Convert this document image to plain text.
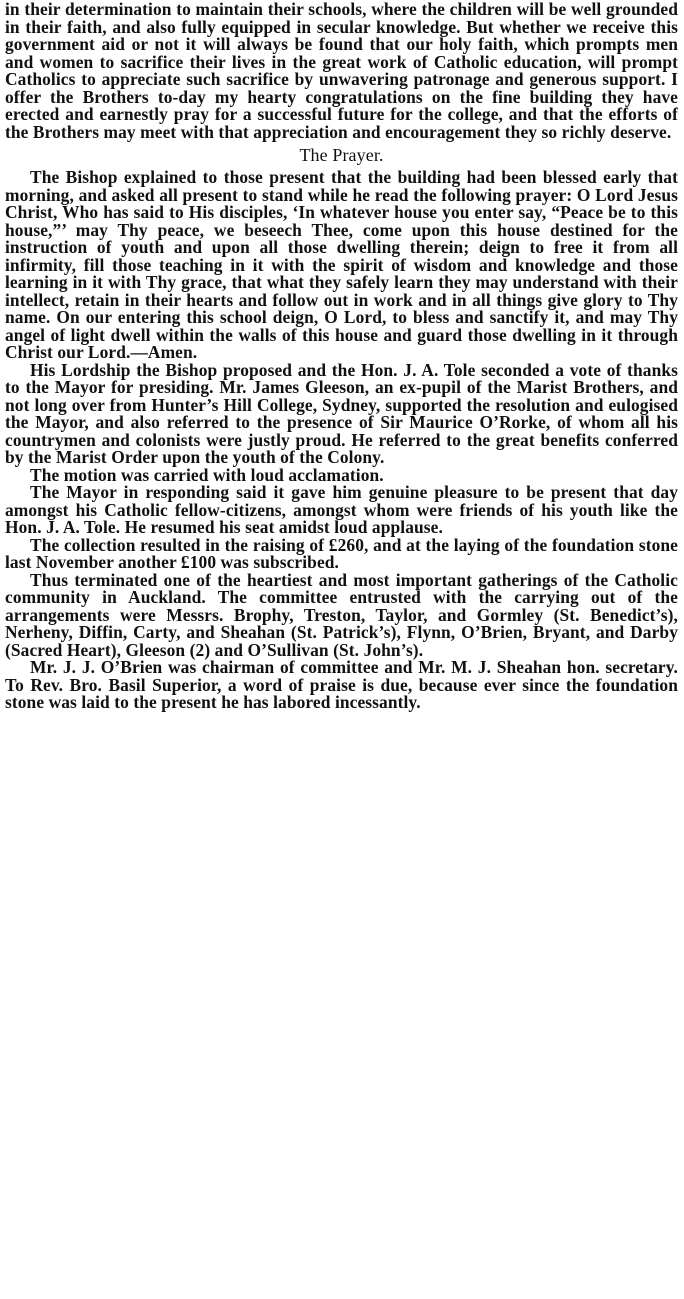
in their determination to maintain their schools, where the children will be well grounded in their faith, and also fully equipped in secular knowledge. But whether we receive this government aid or not it will always be found that our holy faith, which prompts men and women to sacrifice their lives in the great work of Catholic education, will prompt Catholics to appreciate such sacrifice by unwavering patronage and generous support. I offer the Brothers to-day my hearty congratulations on the fine building they have erected and earnestly pray for a successful future for the college, and that the efforts of the Brothers may meet with that appreciation and encouragement they so richly deserve.

The Prayer.

The Bishop explained to those present that the building had been blessed early that morning, and asked all present to stand while he read the following prayer: O Lord Jesus Christ, Who has said to His disciples, ‘In whatever house you enter say, “Peace be to this house,”’ may Thy peace, we beseech Thee, come upon this house destined for the instruction of youth and upon all those dwelling therein; deign to free it from all infirmity, fill those teaching in it with the spirit of wisdom and knowledge and those learning in it with Thy grace, that what they safely learn they may understand with their intellect, retain in their hearts and follow out in work and in all things give glory to Thy name. On our entering this school deign, O Lord, to bless and sanctify it, and may Thy angel of light dwell within the walls of this house and guard those dwelling in it through Christ our Lord.—Amen.

His Lordship the Bishop proposed and the Hon. J. A. Tole seconded a vote of thanks to the Mayor for presiding. Mr. James Gleeson, an ex-pupil of the Marist Brothers, and not long over from Hunter’s Hill College, Sydney, supported the resolution and eulogised the Mayor, and also referred to the presence of Sir Maurice O’Rorke, of whom all his countrymen and colonists were justly proud. He referred to the great benefits conferred by the Marist Order upon the youth of the Colony.

The motion was carried with loud acclamation.

The Mayor in responding said it gave him genuine pleasure to be present that day amongst his Catholic fellow-citizens, amongst whom were friends of his youth like the Hon. J. A. Tole. He resumed his seat amidst loud applause.

The collection resulted in the raising of £260, and at the laying of the foundation stone last November another £100 was subscribed.

Thus terminated one of the heartiest and most important gatherings of the Catholic community in Auckland. The committee entrusted with the carrying out of the arrangements were Messrs. Brophy, Treston, Taylor, and Gormley (St. Benedict’s), Nerheny, Diffin, Carty, and Sheahan (St. Patrick’s), Flynn, O’Brien, Bryant, and Darby (Sacred Heart), Gleeson (2) and O’Sullivan (St. John’s).

Mr. J. J. O’Brien was chairman of committee and Mr. M. J. Sheahan hon. secretary. To Rev. Bro. Basil Superior, a word of praise is due, because ever since the foundation stone was laid to the present he has labored incessantly.
